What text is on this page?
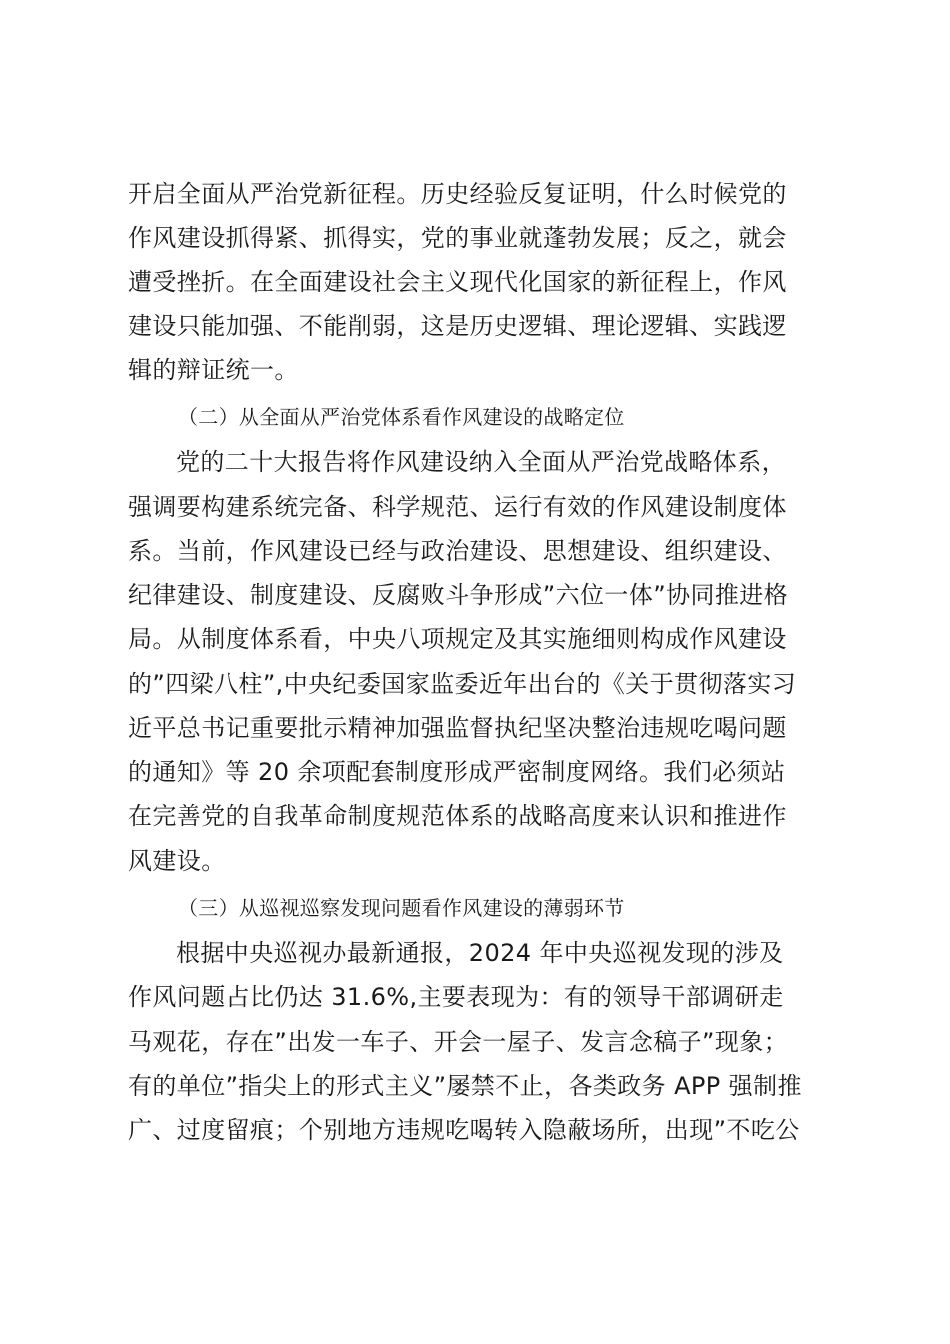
开启全面从严治党新征程。历史经验反复证明，什么时候党的
作风建设抓得紧、抓得实，党的事业就蓬勃发展；反之，就会
遭受挫折。在全面建设社会主义现代化国家的新征程上，作风
建设只能加强、不能削弱，这是历史逻辑、理论逻辑、实践逻
辑的辩证统一。
（二）从全面从严治党体系看作风建设的战略定位
党的二十大报告将作风建设纳入全面从严治党战略体系，
强调要构建系统完备、科学规范、运行有效的作风建设制度体
系。当前，作风建设已经与政治建设、思想建设、组织建设、
纪律建设、制度建设、反腐败斗争形成”六位一体”协同推进格
局。从制度体系看，中央八项规定及其实施细则构成作风建设
的”四梁八柱”,中央纪委国家监委近年出台的《关于贯彻落实习
近平总书记重要批示精神加强监督执纪坚决整治违规吃喝问题
的通知》等 20 余项配套制度形成严密制度网络。我们必须站
在完善党的自我革命制度规范体系的战略高度来认识和推进作
风建设。
（三）从巡视巡察发现问题看作风建设的薄弱环节
根据中央巡视办最新通报，2024 年中央巡视发现的涉及
作风问题占比仍达 31.6%,主要表现为：有的领导干部调研走
马观花，存在”出发一车子、开会一屋子、发言念稿子”现象；
有的单位”指尖上的形式主义”屡禁不止，各类政务 APP 强制推
广、过度留痕；个别地方违规吃喝转入隐蔽场所，出现”不吃公
